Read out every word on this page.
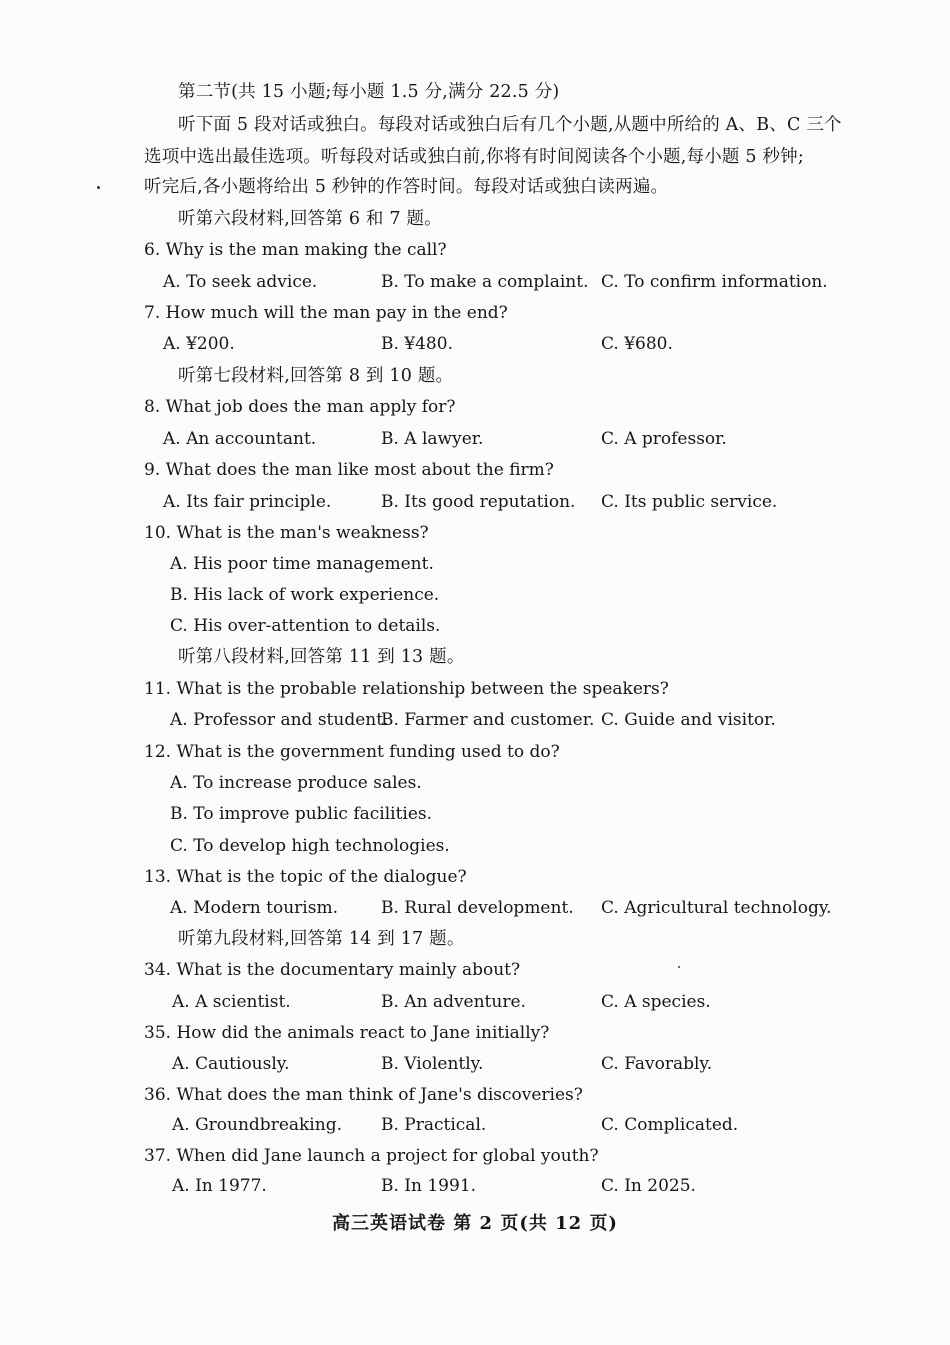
第二节(共 15 小题;每小题 1.5 分,满分 22.5 分)
听下面 5 段对话或独白。每段对话或独白后有几个小题,从题中所给的 A、B、C 三个
选项中选出最佳选项。听每段对话或独白前,你将有时间阅读各个小题,每小题 5 秒钟;
听完后,各小题将给出 5 秒钟的作答时间。每段对话或独白读两遍。
听第六段材料,回答第 6 和 7 题。
6. Why is the man making the call?
A. To seek advice.	B. To make a complaint. C. To confirm information.
7. How much will the man pay in the end?
A. ¥200.	B. ¥480.	C. ¥680.
听第七段材料,回答第 8 到 10 题。
8. What job does the man apply for?
A. An accountant.	B. A lawyer.	C. A professor.
9. What does the man like most about the firm?
A. Its fair principle.	B. Its good reputation. C. Its public service.
10. What is the man's weakness?
A. His poor time management.
B. His lack of work experience.
C. His over-attention to details.
听第八段材料,回答第 11 到 13 题。
11. What is the probable relationship between the speakers?
A. Professor and student.
B. Farmer and customer. C. Guide and visitor.
12. What is the government funding used to do?
A. To increase produce sales.
B. To improve public facilities.
C. To develop high technologies.
13. What is the topic of the dialogue?
A. Modern tourism.	B. Rural development. C. Agricultural technology.
听第九段材料,回答第 14 到 17 题。
34. What is the documentary mainly about?
A. A scientist.	B. An adventure.	C. A species.
35. How did the animals react to Jane initially?
A. Cautiously.	B. Violently.	C. Favorably.
36. What does the man think of Jane's discoveries?
A. Groundbreaking. B. Practical.	C. Complicated.
37. When did Jane launch a project for global youth?
A. In 1977.	B. In 1991.	C. In 2025.
高三英语试卷 第 2 页(共 12 页)
